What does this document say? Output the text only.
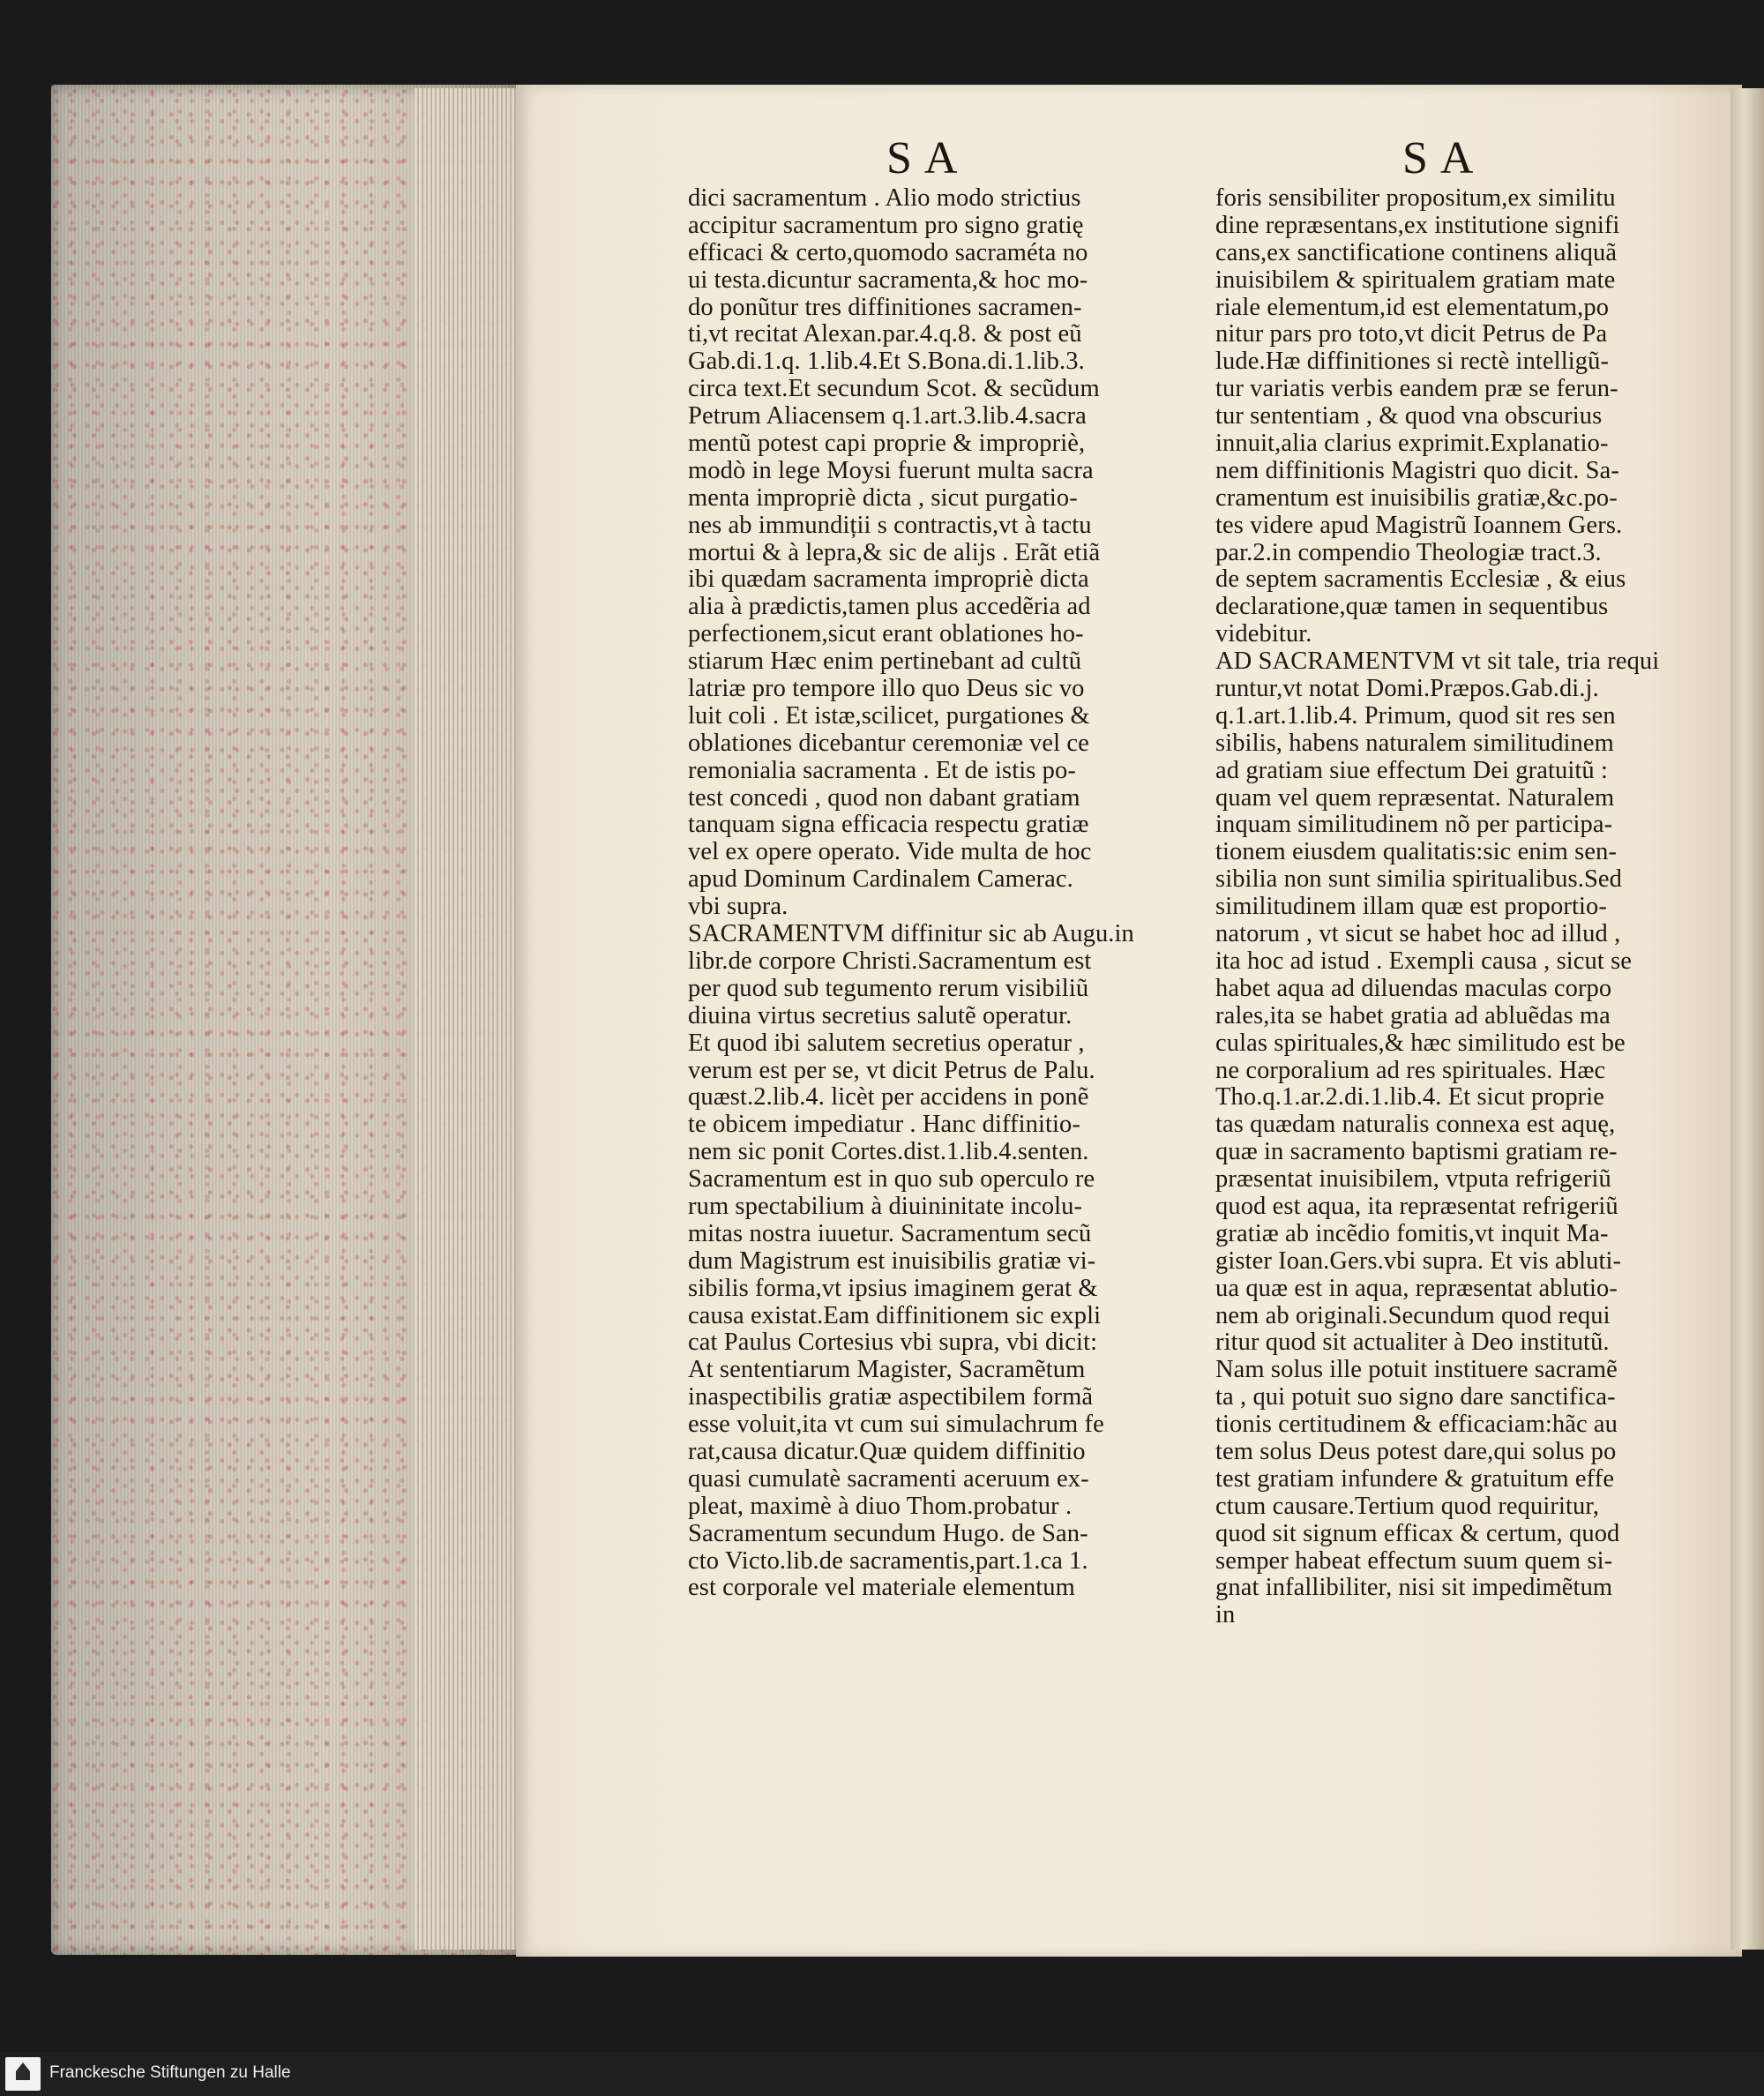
SA	SA
dici sacramentum . Alio modo strictius
accipitur sacramentum pro signo gratię
efficaci & certo,quomodo sacraméta no
ui testa.dicuntur sacramenta,& hoc mo-
do ponũtur tres diffinitiones sacramen-
ti,vt recitat Alexan.par.4.q.8. & post eũ
Gab.di.1.q. 1.lib.4.Et S.Bona.di.1.lib.3.
circa text.Et secundum Scot. & secũdum
Petrum Aliacensem q.1.art.3.lib.4.sacra
mentũ potest capi proprie & impropriè,
modò in lege Moysi fuerunt multa sacra
menta impropriè dicta , sicut purgatio-
nes ab immundiții s contractis,vt à tactu
mortui & à lepra,& sic de alijs . Erãt etiã
ibi quædam sacramenta impropriè dicta
alia à prædictis,tamen plus accedẽria ad
perfectionem,sicut erant oblationes ho-
stiarum Hæc enim pertinebant ad cultũ
latriæ pro tempore illo quo Deus sic vo
luit coli . Et istæ,scilicet, purgationes &
oblationes dicebantur ceremoniæ vel ce
remonialia sacramenta . Et de istis po-
test concedi , quod non dabant gratiam
tanquam signa efficacia respectu gratiæ
vel ex opere operato. Vide multa de hoc
apud Dominum Cardinalem Camerac.
vbi supra.
SACRAMENTVM diffinitur sic ab Augu.in
libr.de corpore Christi.Sacramentum est
per quod sub tegumento rerum visibiliũ
diuina virtus secretius salutẽ operatur.
Et quod ibi salutem secretius operatur ,
verum est per se, vt dicit Petrus de Palu.
quæst.2.lib.4. licèt per accidens in ponẽ
te obicem impediatur . Hanc diffinitio-
nem sic ponit Cortes.dist.1.lib.4.senten.
Sacramentum est in quo sub operculo re
rum spectabilium à diuininitate incolu-
mitas nostra iuuetur. Sacramentum secũ
dum Magistrum est inuisibilis gratiæ vi-
sibilis forma,vt ipsius imaginem gerat &
causa existat.Eam diffinitionem sic expli
cat Paulus Cortesius vbi supra, vbi dicit:
At sententiarum Magister, Sacramẽtum
inaspectibilis gratiæ aspectibilem formã
esse voluit,ita vt cum sui simulachrum fe
rat,causa dicatur.Quæ quidem diffinitio
quasi cumulatè sacramenti aceruum ex-
pleat, maximè à diuo Thom.probatur .
Sacramentum secundum Hugo. de San-
cto Victo.lib.de sacramentis,part.1.ca 1.
est corporale vel materiale elementum
foris sensibiliter propositum,ex similitu
dine repræsentans,ex institutione signifi
cans,ex sanctificatione continens aliquã
inuisibilem & spiritualem gratiam mate
riale elementum,id est elementatum,po
nitur pars pro toto,vt dicit Petrus de Pa
lude.Hæ diffinitiones si rectè intelligũ-
tur variatis verbis eandem præ se ferun-
tur sententiam , & quod vna obscurius
innuit,alia clarius exprimit.Explanatio-
nem diffinitionis Magistri quo dicit. Sa-
cramentum est inuisibilis gratiæ,&c.po-
tes videre apud Magistrũ Ioannem Gers.
par.2.in compendio Theologiæ tract.3.
de septem sacramentis Ecclesiæ , & eius
declaratione,quæ tamen in sequentibus
videbitur.
AD SACRAMENTVM vt sit tale, tria requi
runtur,vt notat Domi.Præpos.Gab.di.j.
q.1.art.1.lib.4. Primum, quod sit res sen
sibilis, habens naturalem similitudinem
ad gratiam siue effectum Dei gratuitũ :
quam vel quem repræsentat. Naturalem
inquam similitudinem nõ per participa-
tionem eiusdem qualitatis:sic enim sen-
sibilia non sunt similia spiritualibus.Sed
similitudinem illam quæ est proportio-
natorum , vt sicut se habet hoc ad illud ,
ita hoc ad istud . Exempli causa , sicut se
habet aqua ad diluendas maculas corpo
rales,ita se habet gratia ad abluẽdas ma
culas spirituales,& hæc similitudo est be
ne corporalium ad res spirituales. Hæc
Tho.q.1.ar.2.di.1.lib.4. Et sicut proprie
tas quædam naturalis connexa est aquę,
quæ in sacramento baptismi gratiam re-
præsentat inuisibilem, vtputa refrigeriũ
quod est aqua, ita repræsentat refrigeriũ
gratiæ ab incẽdio fomitis,vt inquit Ma-
gister Ioan.Gers.vbi supra. Et vis abluti-
ua quæ est in aqua, repræsentat ablutio-
nem ab originali.Secundum quod requi
ritur quod sit actualiter à Deo institutũ.
Nam solus ille potuit instituere sacramẽ
ta , qui potuit suo signo dare sanctifica-
tionis certitudinem & efficaciam:hãc au
tem solus Deus potest dare,qui solus po
test gratiam infundere & gratuitum effe
ctum causare.Tertium quod requiritur,
quod sit signum efficax & certum, quod
semper habeat effectum suum quem si-
gnat infallibiliter, nisi sit impedimẽtum
in
Franckesche Stiftungen zu Halle
